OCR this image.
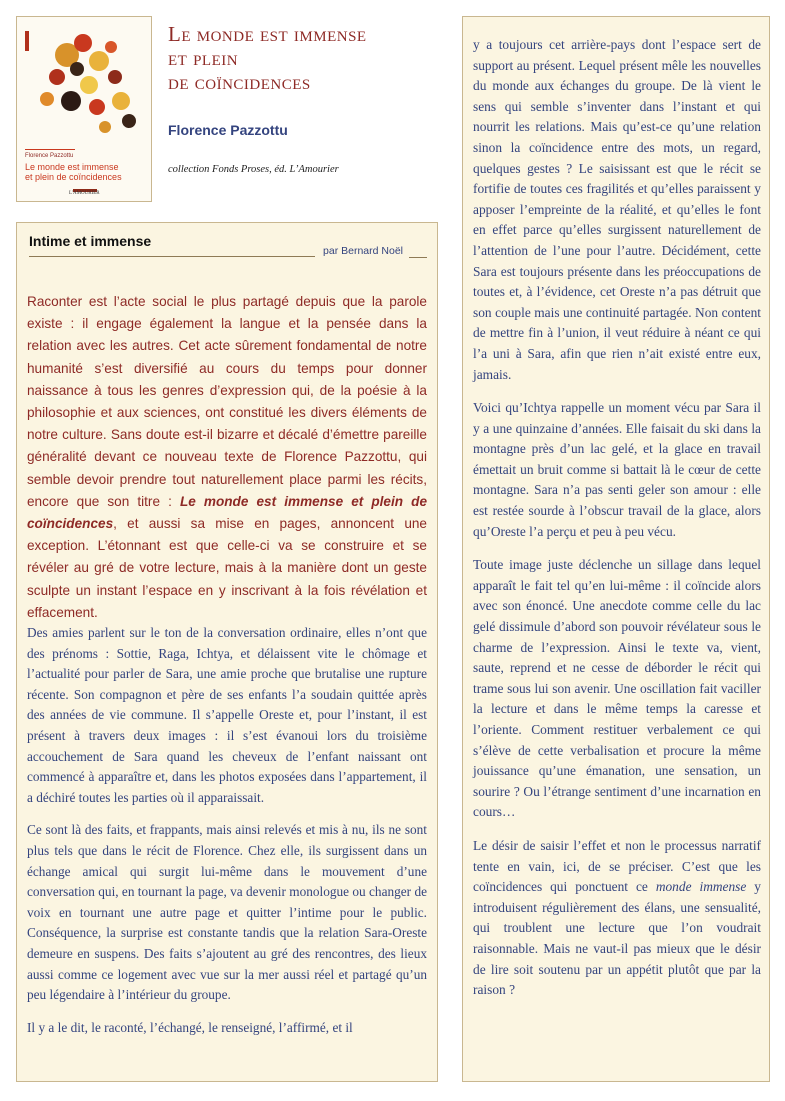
Florence Pazzottu
Le monde est immense
et plein de coïncidences
L'AMOURIER
Le monde est immense
et plein
de coïncidences
Florence Pazzottu
collection Fonds Proses, éd. L’Amourier
Intime et immense
par Bernard Noël

Raconter est l’acte social le plus partagé depuis que la parole existe : il engage également la langue et la pensée dans la relation avec les autres. Cet acte sûrement fondamental de notre humanité s’est diversifié au cours du temps pour donner naissance à tous les genres d’expression qui, de la poésie à la philosophie et aux sciences, ont constitué les divers éléments de notre culture. Sans doute est-il bizarre et décalé d’émettre pareille généralité devant ce nouveau texte de Florence Pazzottu, qui semble devoir prendre tout naturellement place parmi les récits, encore que son titre : Le monde est immense et plein de coïncidences, et aussi sa mise en pages, annoncent une exception. L’étonnant est que celle-ci va se construire et se révéler au gré de votre lecture, mais à la manière dont un geste sculpte un instant l’espace en y inscrivant à la fois révélation et effacement.

Des amies parlent sur le ton de la conversation ordinaire, elles n’ont que des prénoms : Sottie, Raga, Ichtya, et délaissent vite le chômage et l’actualité pour parler de Sara, une amie proche que brutalise une rupture récente. Son compagnon et père de ses enfants l’a soudain quittée après des années de vie commune. Il s’appelle Oreste et, pour l’instant, il est présent à travers deux images : il s’est évanoui lors du troisième accouchement de Sara quand les cheveux de l’enfant naissant ont commencé à apparaître et, dans les photos exposées dans l’appartement, il a déchiré toutes les parties où il apparaissait.

Ce sont là des faits, et frappants, mais ainsi relevés et mis à nu, ils ne sont plus tels que dans le récit de Florence. Chez elle, ils surgissent dans un échange amical qui surgit lui-même dans le mouvement d’une conversation qui, en tournant la page, va devenir monologue ou changer de voix en tournant une autre page et quitter l’intime pour le public. Conséquence, la surprise est constante tandis que la relation Sara-Oreste demeure en suspens. Des faits s’ajoutent au gré des rencontres, des lieux aussi comme ce logement avec vue sur la mer aussi réel et partagé qu’un peu légendaire à l’intérieur du groupe.

Il y a le dit, le raconté, l’échangé, le renseigné, l’affirmé, et il

y a toujours cet arrière-pays dont l’espace sert de support au présent. Lequel présent mêle les nouvelles du monde aux échanges du groupe. De là vient le sens qui semble s’inventer dans l’instant et qui nourrit les relations. Mais qu’est-ce qu’une relation sinon la coïncidence entre des mots, un regard, quelques gestes ? Le saisissant est que le récit se fortifie de toutes ces fragilités et qu’elles paraissent y apposer l’empreinte de la réalité, et qu’elles le font en effet parce qu’elles surgissent naturellement de l’attention de l’une pour l’autre. Décidément, cette Sara est toujours présente dans les préoccupations de toutes et, à l’évidence, cet Oreste n’a pas détruit que son couple mais une continuité partagée. Non content de mettre fin à l’union, il veut réduire à néant ce qui l’a uni à Sara, afin que rien n’ait existé entre eux, jamais.

Voici qu’Ichtya rappelle un moment vécu par Sara il y a une quinzaine d’années. Elle faisait du ski dans la montagne près d’un lac gelé, et la glace en travail émettait un bruit comme si battait là le cœur de cette montagne. Sara n’a pas senti geler son amour : elle est restée sourde à l’obscur travail de la glace, alors qu’Oreste l’a perçu et peu à peu vécu.

Toute image juste déclenche un sillage dans lequel apparaît le fait tel qu’en lui-même : il coïncide alors avec son énoncé. Une anecdote comme celle du lac gelé dissimule d’abord son pouvoir révélateur sous le charme de l’expression. Ainsi le texte va, vient, saute, reprend et ne cesse de déborder le récit qui trame sous lui son avenir. Une oscillation fait vaciller la lecture et dans le même temps la caresse et l’oriente. Comment restituer verbalement ce qui s’élève de cette verbalisation et procure la même jouissance qu’une émanation, une sensation, un sourire ? Ou l’étrange sentiment d’une incarnation en cours…

Le désir de saisir l’effet et non le processus narratif tente en vain, ici, de se préciser. C’est que les coïncidences qui ponctuent ce monde immense y introduisent régulièrement des élans, une sensualité, qui troublent une lecture que l’on voudrait raisonnable. Mais ne vaut-il pas mieux que le désir de lire soit soutenu par un appétit plutôt que par la raison ?
